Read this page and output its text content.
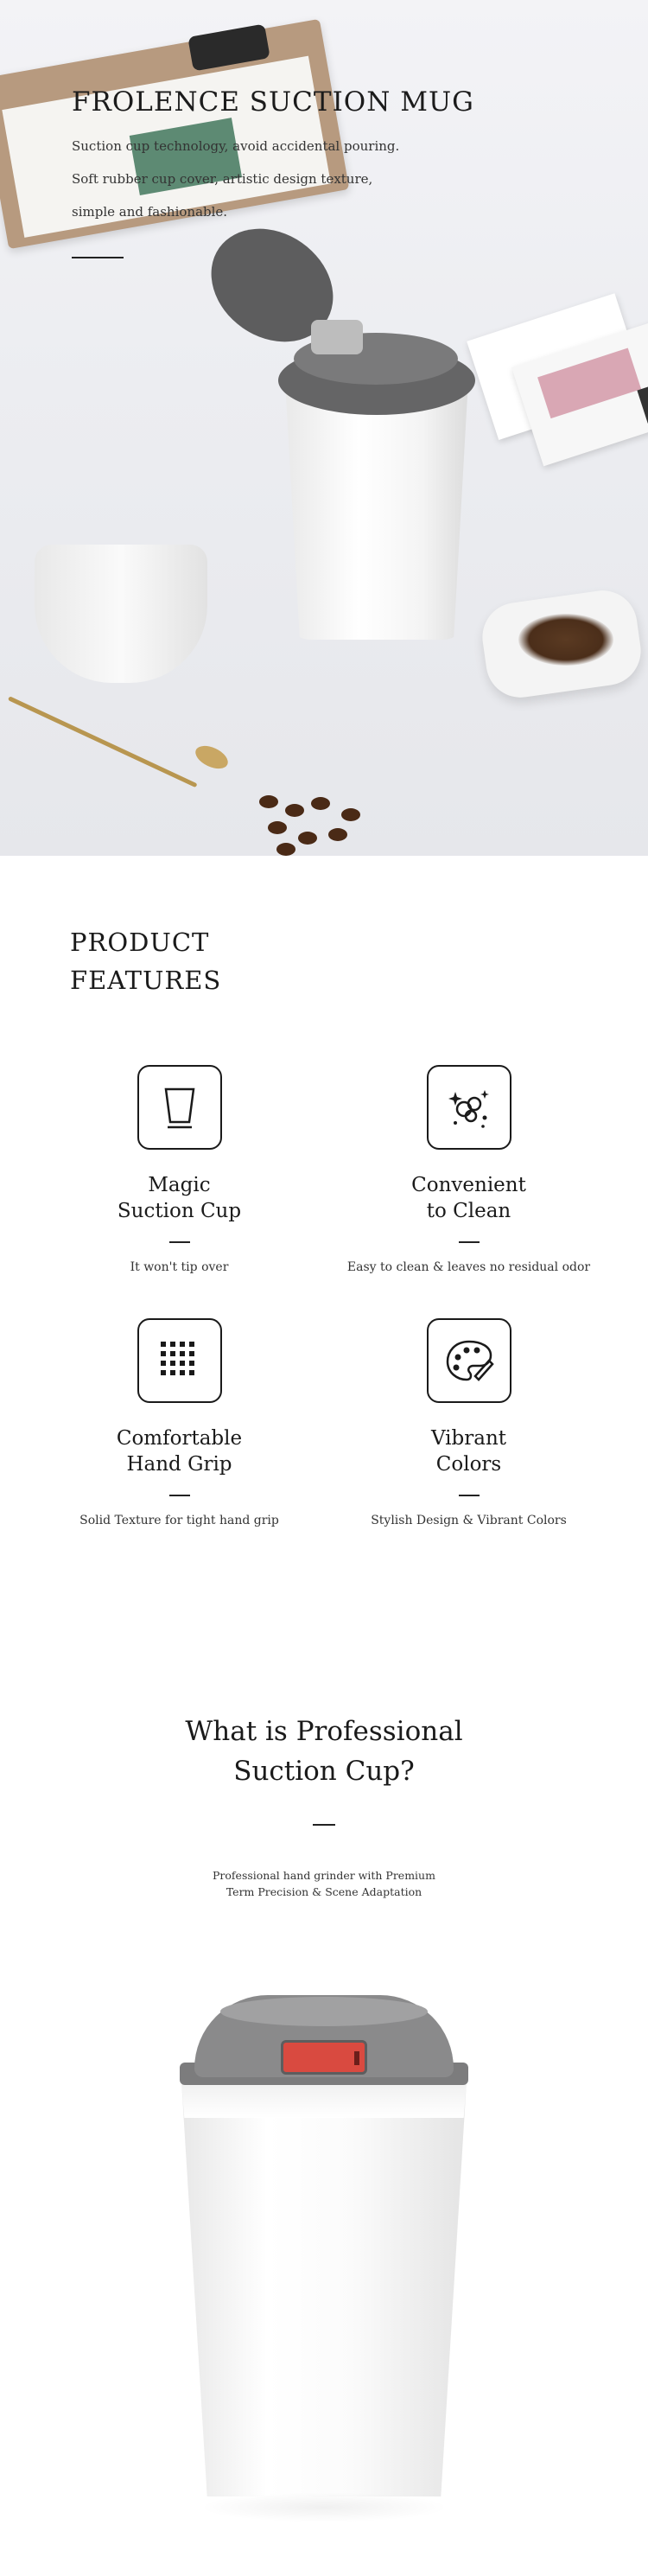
FROLENCE SUCTION MUG

Suction cup technology, avoid accidental pouring.

Soft rubber cup cover, artistic design texture,

simple and fashionable.

PRODUCT
FEATURES
Magic
Suction Cup
It won't tip over
Convenient
to Clean
Easy to clean & leaves no residual odor
Comfortable
Hand Grip
Solid Texture for tight hand grip
Vibrant
Colors
Stylish Design & Vibrant Colors
What is Professional
Suction Cup?
Professional hand grinder with Premium
Term Precision & Scene Adaptation
